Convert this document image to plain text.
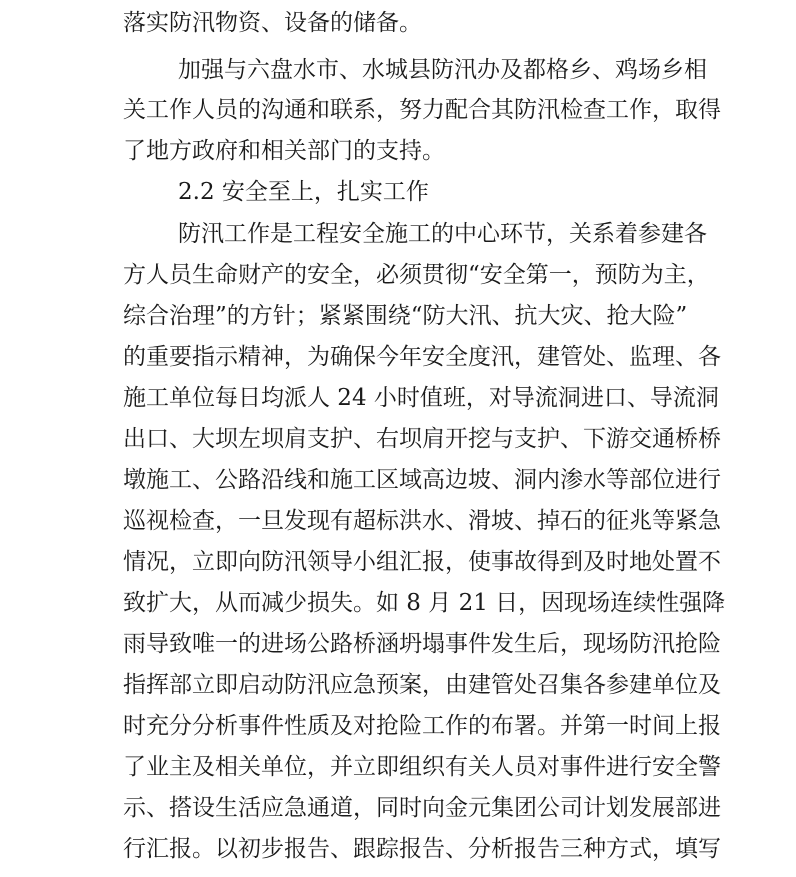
落实防汛物资、设备的储备。
加强与六盘水市、水城县防汛办及都格乡、鸡场乡相
关工作人员的沟通和联系，努力配合其防汛检查工作，取得
了地方政府和相关部门的支持。
2.2 安全至上，扎实工作
防汛工作是工程安全施工的中心环节，关系着参建各
方人员生命财产的安全，必须贯彻“安全第一，预防为主，
综合治理”的方针；紧紧围绕“防大汛、抗大灾、抢大险”
的重要指示精神，为确保今年安全度汛，建管处、监理、各
施工单位每日均派人 24 小时值班，对导流洞进口、导流洞
出口、大坝左坝肩支护、右坝肩开挖与支护、下游交通桥桥
墩施工、公路沿线和施工区域高边坡、洞内渗水等部位进行
巡视检查，一旦发现有超标洪水、滑坡、掉石的征兆等紧急
情况，立即向防汛领导小组汇报，使事故得到及时地处置不
致扩大，从而减少损失。如 8 月 21 日，因现场连续性强降
雨导致唯一的进场公路桥涵坍塌事件发生后，现场防汛抢险
指挥部立即启动防汛应急预案，由建管处召集各参建单位及
时充分分析事件性质及对抢险工作的布署。并第一时间上报
了业主及相关单位，并立即组织有关人员对事件进行安全警
示、搭设生活应急通道，同时向金元集团公司计划发展部进
行汇报。以初步报告、跟踪报告、分析报告三种方式，填写
